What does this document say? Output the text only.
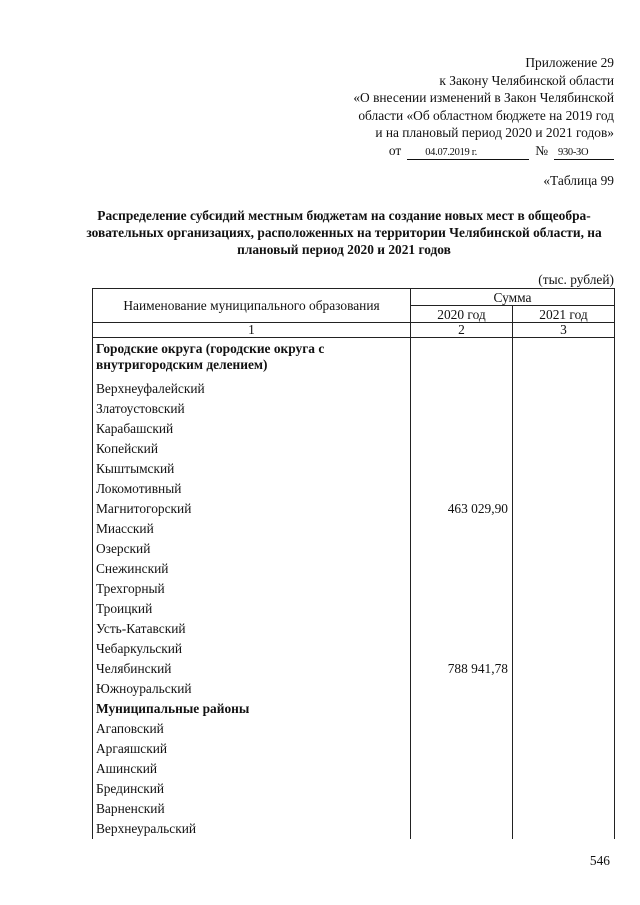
Приложение 29
к Закону Челябинской области
«О внесении изменений в Закон Челябинской
области «Об областном бюджете на 2019 год
и на плановый период 2020 и 2021 годов»
от	04.07.2019 г.	№ 930-ЗО
«Таблица 99
Распределение субсидий местным бюджетам на создание новых мест в общеобра-зовательных организациях, расположенных на территории Челябинской области, на плановый период 2020 и 2021 годов
(тыс. рублей)
Наименование муниципального образования	Сумма	
	2020 год	2021 год
1	2	3
Городские округа (городские округа с внутригородским делением)		
Верхнеуфалейский		
Златоустовский		
Карабашский		
Копейский		
Кыштымский		
Локомотивный		
Магнитогорский	463 029,90	
Миасский		
Озерский		
Снежинский		
Трехгорный		
Троицкий		
Усть-Катавский		
Чебаркульский		
Челябинский	788 941,78	
Южноуральский		
Муниципальные районы		
Агаповский		
Аргаяшский		
Ашинский		
Брединский		
Варненский		
Верхнеуральский		
546
